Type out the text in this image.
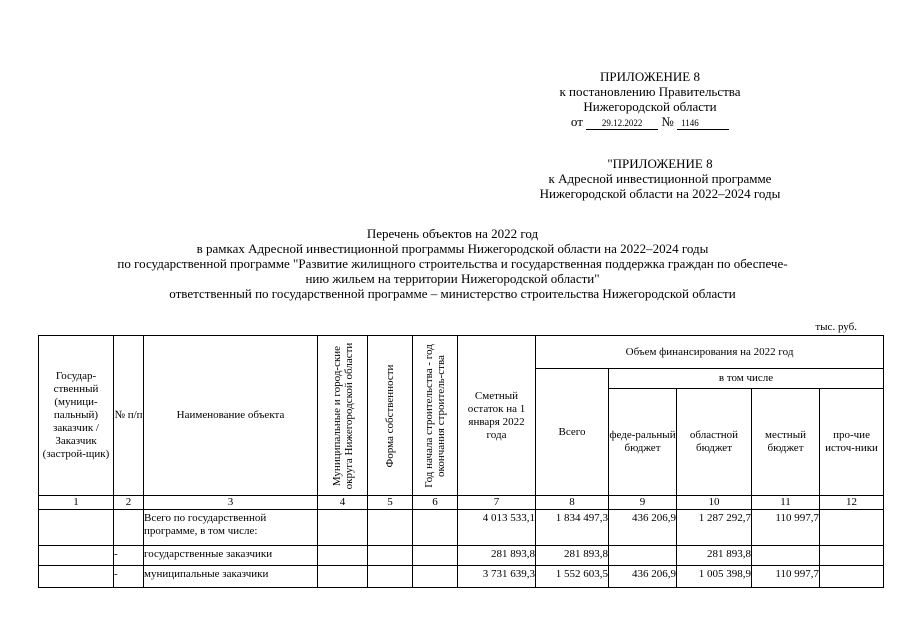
ПРИЛОЖЕНИЕ 8
к постановлению Правительства
Нижегородской области
от 29.12.2022 № 1146
"ПРИЛОЖЕНИЕ 8
к Адресной инвестиционной программе
Нижегородской области на 2022–2024 годы
Перечень объектов на 2022 год
в рамках Адресной инвестиционной программы Нижегородской области на 2022–2024 годы
по государственной программе "Развитие жилищного строительства и государственная поддержка граждан по обеспече-
нию жильем на территории Нижегородской области"
ответственный по государственной программе – министерство строительства Нижегородской области
тыс. руб.
Государ-ственный (муници-пальный) заказчик / Заказчик (застрой-щик)	№ п/п	Наименование объекта	Муниципальные и город-ские округа Нижегородской области	Форма собственности	Год начала строительства - год окончания строитель-ства	Сметный остаток на 1 января 2022 года	Объем финансирования на 2022 год				
							Всего	в том числе			
								феде-ральный бюджет	областной бюджет	местный бюджет	про-чие источ-ники
1	2	3	4	5	6	7	8	9	10	11	12
		Всего по государственной программе, в том числе:				4 013 533,1	1 834 497,3	436 206,9	1 287 292,7	110 997,7	
	-	государственные заказчики				281 893,8	281 893,8		281 893,8		
	-	муниципальные заказчики				3 731 639,3	1 552 603,5	436 206,9	1 005 398,9	110 997,7	
